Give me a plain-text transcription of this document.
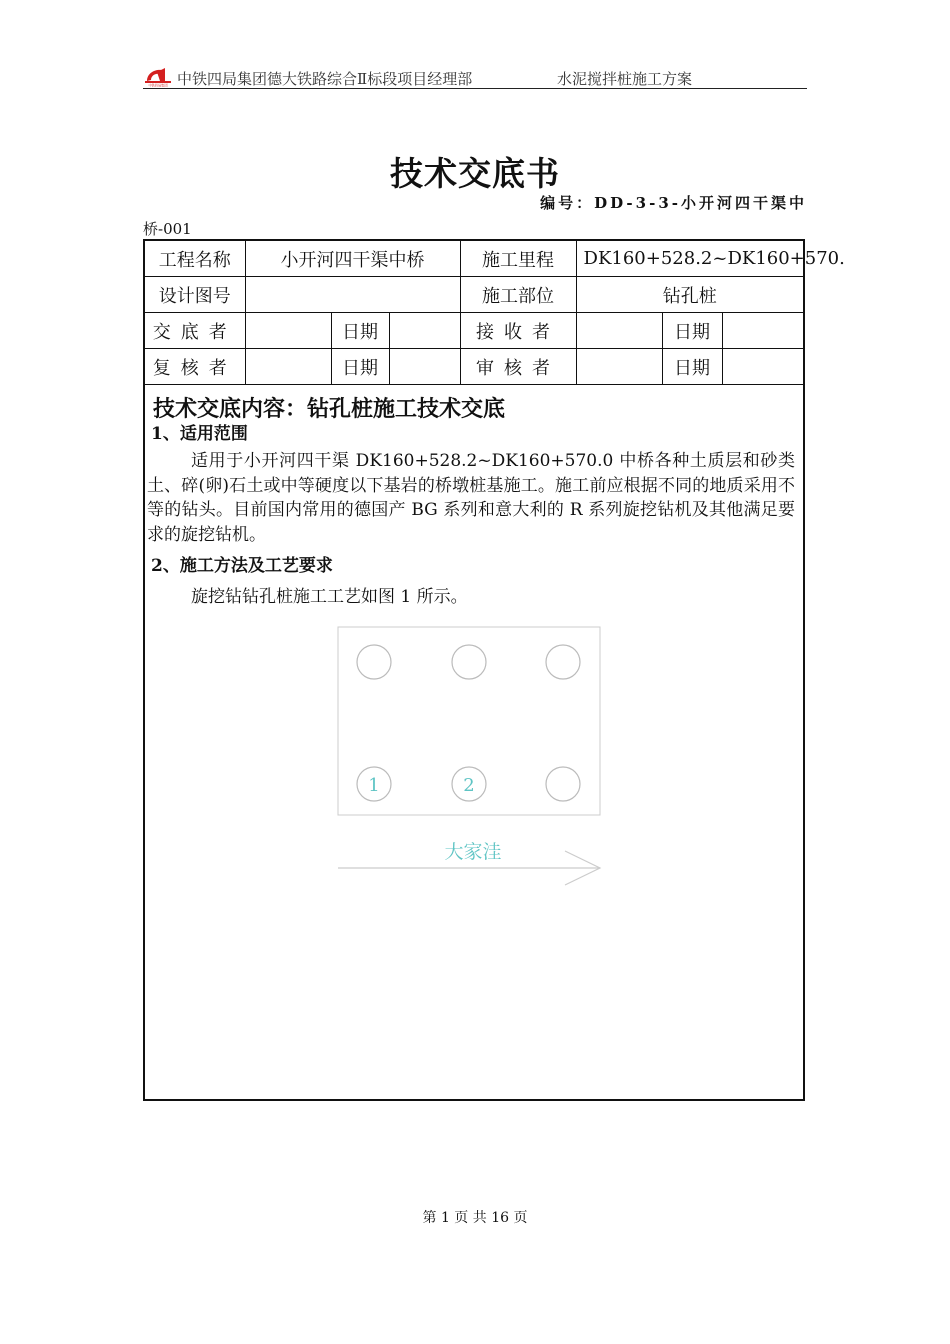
中铁四局集团 中铁四局集团德大铁路综合Ⅱ标段项目经理部	水泥搅拌桩施工方案
技术交底书
编号：DD-3-3-小开河四干渠中
桥-001
工程名称	小开河四干渠中桥			施工里程	DK160+528.2~DK160+570.		
设计图号				施工部位	钻孔桩		
交底者		日期		接收者		日期	
复核者		日期		审核者		日期	
技术交底内容：钻孔桩施工技术交底
1、适用范围
适用于小开河四干渠 DK160+528.2~DK160+570.0 中桥各种土质层和砂类土、碎(卵)石土或中等硬度以下基岩的桥墩桩基施工。施工前应根据不同的地质采用不等的钻头。目前国内常用的德国产 BG 系列和意大利的 R 系列旋挖钻机及其他满足要求的旋挖钻机。
2、施工方法及工艺要求
旋挖钻钻孔桩施工工艺如图 1 所示。
1	2
大家洼
第 1 页 共 16 页
